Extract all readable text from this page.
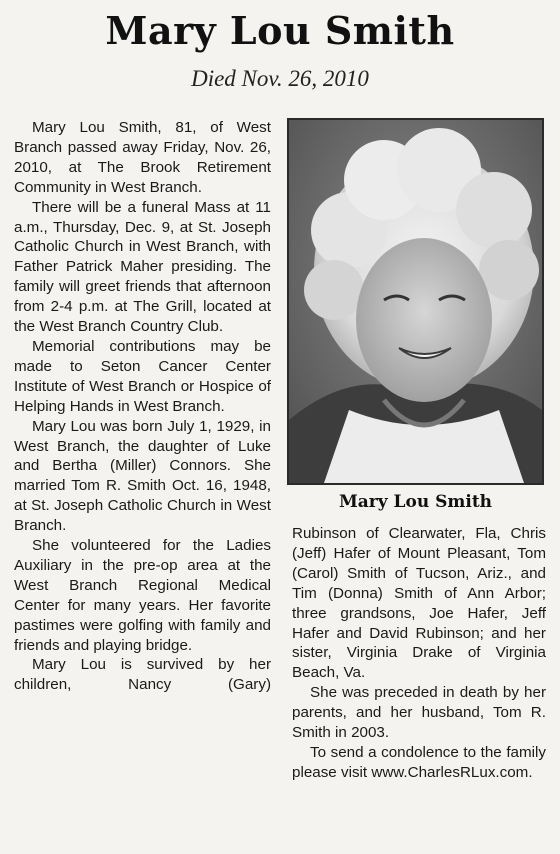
Mary Lou Smith
Died Nov. 26, 2010

Mary Lou Smith, 81, of West Branch passed away Friday, Nov. 26, 2010, at The Brook Retirement Community in West Branch.

There will be a funeral Mass at 11 a.m., Thursday, Dec. 9, at St. Joseph Catholic Church in West Branch, with Father Patrick Maher presiding. The family will greet friends that afternoon from 2-4 p.m. at The Grill, located at the West Branch Country Club.

Memorial contributions may be made to Seton Cancer Center Institute of West Branch or Hospice of Helping Hands in West Branch.

Mary Lou was born July 1, 1929, in West Branch, the daughter of Luke and Bertha (Miller) Connors. She married Tom R. Smith Oct. 16, 1948, at St. Joseph Catholic Church in West Branch.

She volunteered for the Ladies Auxiliary in the pre-op area at the West Branch Regional Medical Center for many years. Her favorite pastimes were golfing with family and friends and playing bridge.

Mary Lou is survived by her children, Nancy (Gary)

Mary Lou Smith

Rubinson of Clearwater, Fla, Chris (Jeff) Hafer of Mount Pleasant, Tom (Carol) Smith of Tucson, Ariz., and Tim (Donna) Smith of Ann Arbor; three grandsons, Joe Hafer, Jeff Hafer and David Rubinson; and her sister, Virginia Drake of Virginia Beach, Va.

She was preceded in death by her parents, and her husband, Tom R. Smith in 2003.

To send a condolence to the family please visit www.CharlesRLux.com.
